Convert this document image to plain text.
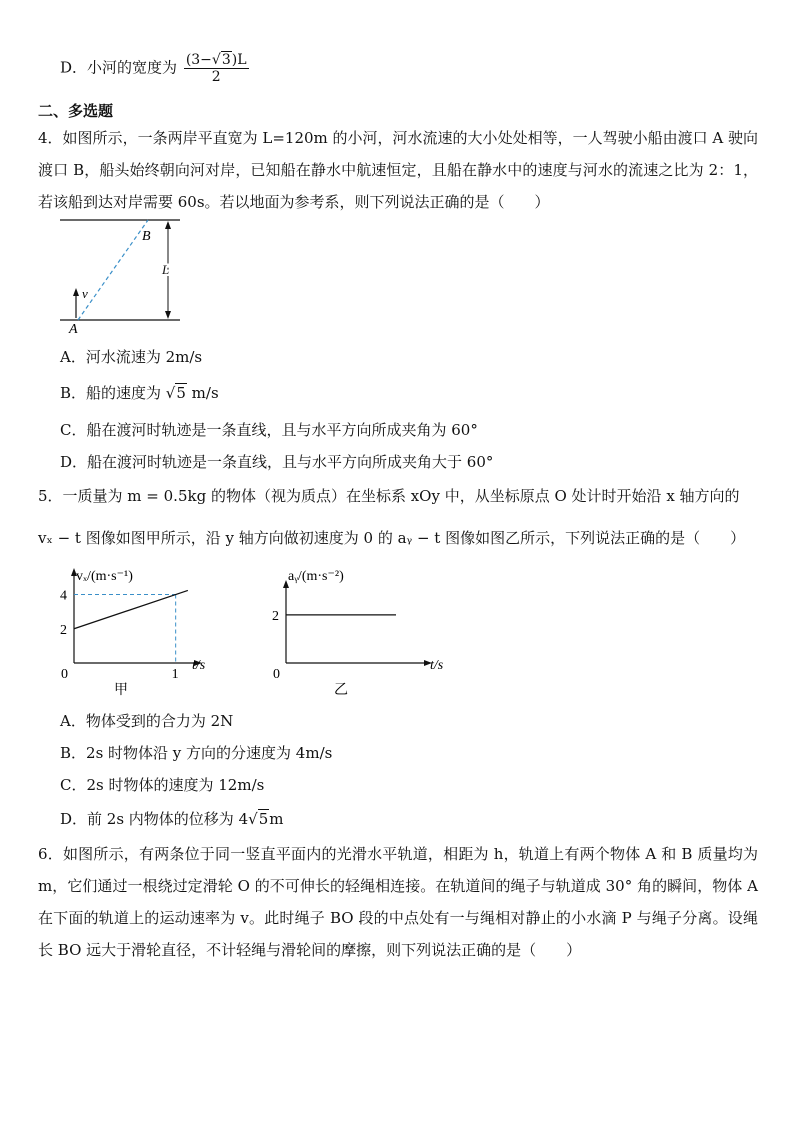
D．小河的宽度为 $\frac{(3-√3)L}{2}$
二、多选题
4．如图所示，一条两岸平直宽为 L=120m 的小河，河水流速的大小处处相等，一人驾驶小船由渡口 A 驶向渡口 B，船头始终朝向河对岸，已知船在静水中航速恒定，且船在静水中的速度与河水的流速之比为 2：1，若该船到达对岸需要 60s。若以地面为参考系，则下列说法正确的是（　　）
B
A
v
L
A．河水流速为 2m/s
B．船的速度为 √5 m/s
C．船在渡河时轨迹是一条直线，且与水平方向所成夹角为 60°
D．船在渡河时轨迹是一条直线，且与水平方向所成夹角大于 60°
5．一质量为 m = 0.5kg 的物体（视为质点）在坐标系 xOy 中，从坐标原点 O 处计时开始沿 x 轴方向的
vₓ − t 图像如图甲所示，沿 y 轴方向做初速度为 0 的 aᵧ − t 图像如图乙所示，下列说法正确的是（　　）
vₓ/(m·s⁻¹)
t/s
0
2
4
1
甲
aᵧ/(m·s⁻²)
t/s
0
2
乙
A．物体受到的合力为 2N
B．2s 时物体沿 y 方向的分速度为 4m/s
C．2s 时物体的速度为 12m/s
D．前 2s 内物体的位移为 4√5m
6．如图所示，有两条位于同一竖直平面内的光滑水平轨道，相距为 h，轨道上有两个物体 A 和 B 质量均为 m，它们通过一根绕过定滑轮 O 的不可伸长的轻绳相连接。在轨道间的绳子与轨道成 30° 角的瞬间，物体 A 在下面的轨道上的运动速率为 v。此时绳子 BO 段的中点处有一与绳相对静止的小水滴 P 与绳子分离。设绳长 BO 远大于滑轮直径，不计轻绳与滑轮间的摩擦，则下列说法正确的是（　　）
